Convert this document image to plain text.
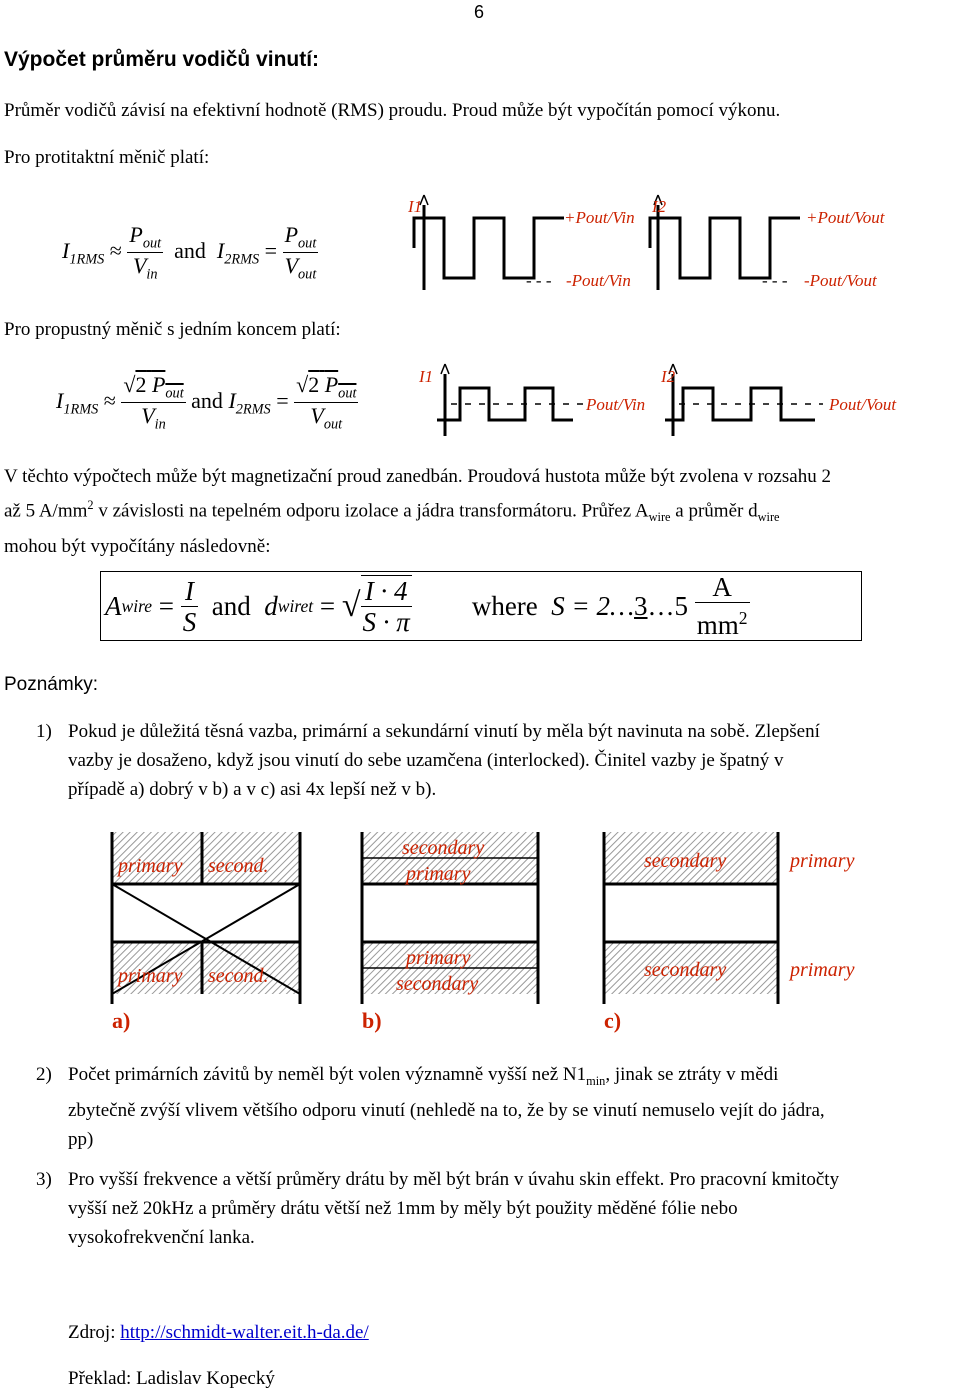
6
Výpočet průměru vodičů vinutí:
Průměr vodičů závisí na efektivní hodnotě (RMS) proudu. Proud může být vypočítán pomocí výkonu.
Pro protitaktní měnič platí:
$I_{1RMS} \approx \frac{P_{out}}{V_{in}}$ and $I_{2RMS} = \frac{P_{out}}{V_{out}}$
I1	I2
+Pout/Vin
- - - -Pout/Vin
+Pout/Vout
- - - -Pout/Vout
Pro propustný měnič s jedním koncem platí:
$I_{1RMS} \approx \frac{√2 P_{out}}{V_{in}}$ and $I_{2RMS} = \frac{√2 P_{out}}{V_{out}}$	I1	I2
Pout/Vin	Pout/Vout
V těchto výpočtech může být magnetizační proud zanedbán. Proudová hustota může být zvolena v rozsahu 2
až 5 $A/mm^2$ v závislosti na tepelném odporu izolace a jádra transformátoru. Průřez $A_{wire}$ a průměr $d_{wire}$
mohou být vypočítány následovně:
A wire
=
$\frac{I}{S}$
and
d wiret
=
√ $\frac{I \cdot 4}{S \cdot \pi}$ where
S = 2… 3 …5
$\frac{A}{mm^2}$
Poznámky:
1) Pokud je důležitá těsná vazba, primární a sekundární vinutí by měla být navinuta na sobě. Zlepšení
vazby je dosaženo, když jsou vinutí do sebe uzamčena (interlocked). Činitel vazby je špatný v
případě a) dobrý v b) a v c) asi 4x lepší než v b).
primary second.
primary second.
a)
secondary
primary
primary
secondary
b)
secondary
secondary
primary
primary
c)
2) Počet primárních závitů by neměl být volen významně vyšší než $N1_{min}$, jinak se ztráty v mědi
zbytečně zvýší vlivem většího odporu vinutí (nehledě na to, že by se vinutí nemuselo vejít do jádra,
pp)
3) Pro vyšší frekvence a větší průměry drátu by měl být brán v úvahu skin effekt. Pro pracovní kmitočty
vyšší než 20kHz a průměry drátu větší než 1mm by měly být použity měděné fólie nebo
vysokofrekvenční lanka.
Zdroj: http://schmidt-walter.eit.h-da.de/
Překlad: Ladislav Kopecký
